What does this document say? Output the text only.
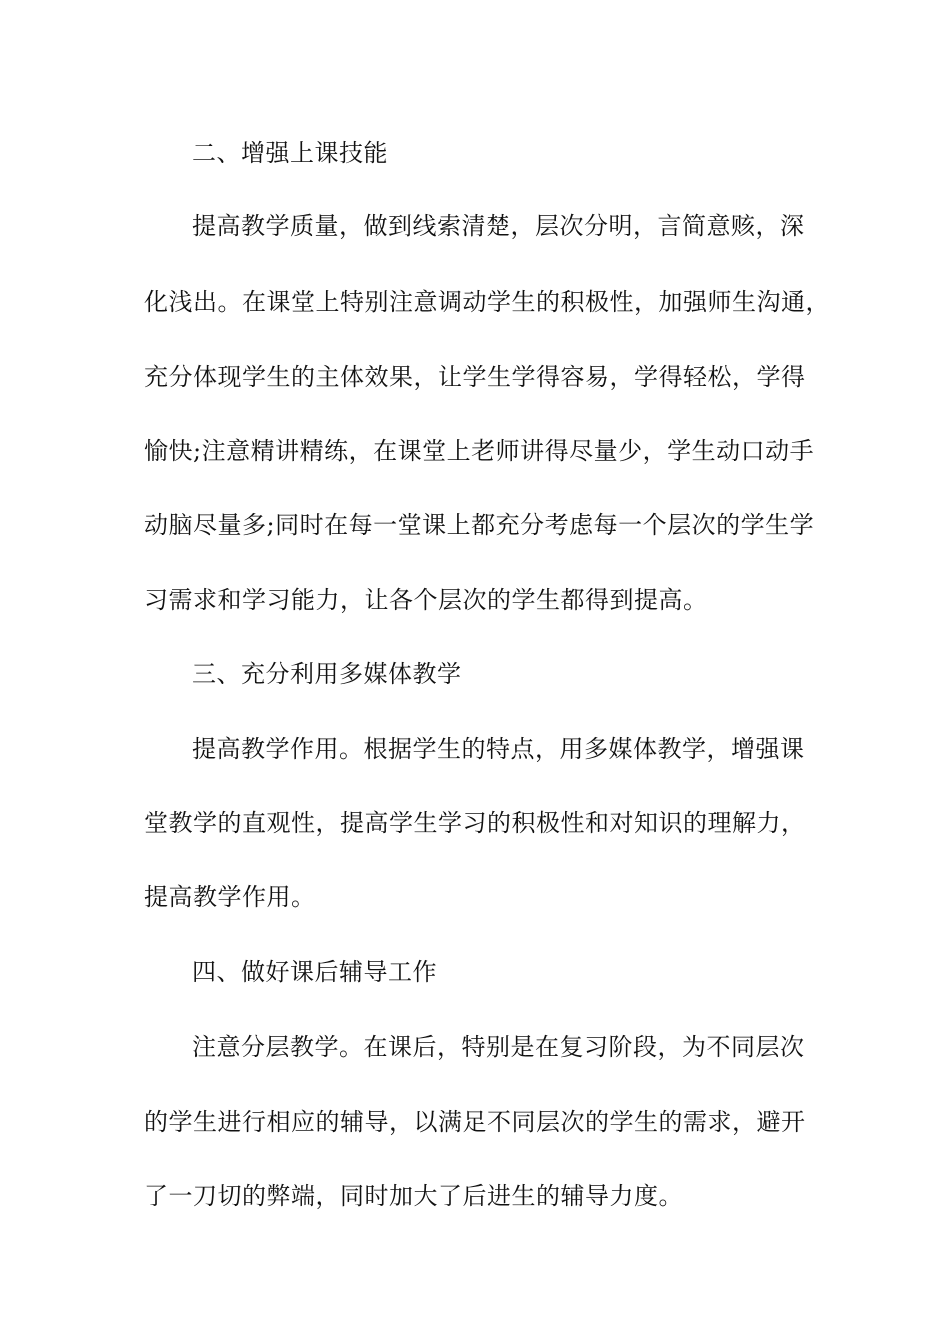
二、增强上课技能
提高教学质量，做到线索清楚，层次分明，言简意赅，深
化浅出。在课堂上特别注意调动学生的积极性，加强师生沟通，
充分体现学生的主体效果，让学生学得容易，学得轻松，学得
愉快;注意精讲精练，在课堂上老师讲得尽量少，学生动口动手
动脑尽量多;同时在每一堂课上都充分考虑每一个层次的学生学
习需求和学习能力，让各个层次的学生都得到提高。
三、充分利用多媒体教学
提高教学作用。根据学生的特点，用多媒体教学，增强课
堂教学的直观性，提高学生学习的积极性和对知识的理解力，
提高教学作用。
四、做好课后辅导工作
注意分层教学。在课后，特别是在复习阶段，为不同层次
的学生进行相应的辅导，以满足不同层次的学生的需求，避开
了一刀切的弊端，同时加大了后进生的辅导力度。
